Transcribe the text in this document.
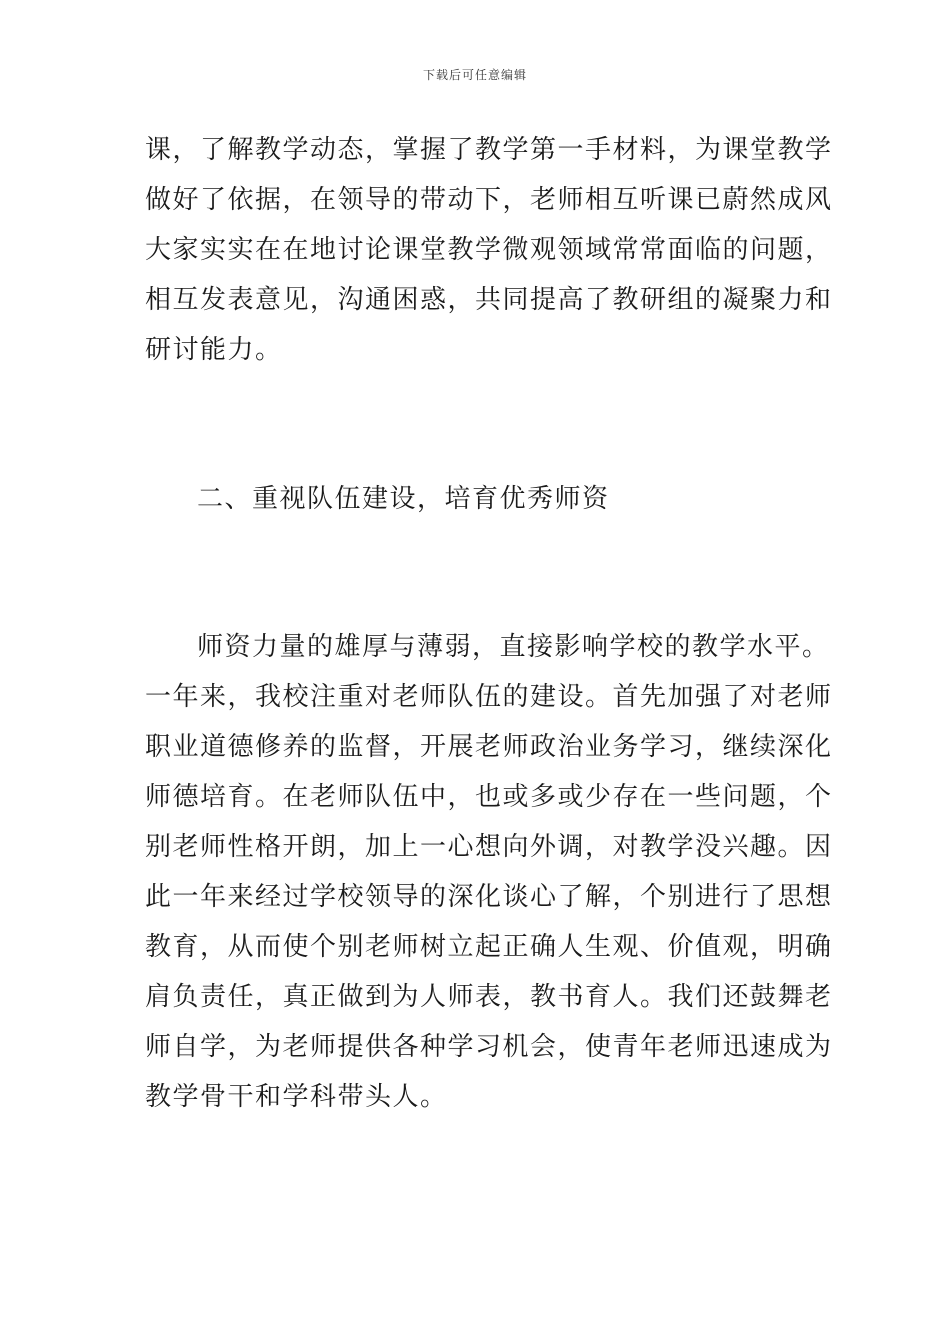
下载后可任意编辑
课，了解教学动态，掌握了教学第一手材料，为课堂教学
做好了依据，在领导的带动下，老师相互听课已蔚然成风
大家实实在在地讨论课堂教学微观领域常常面临的问题，
相互发表意见，沟通困惑，共同提高了教研组的凝聚力和
研讨能力。
二、重视队伍建设，培育优秀师资
师资力量的雄厚与薄弱，直接影响学校的教学水平。
一年来，我校注重对老师队伍的建设。首先加强了对老师
职业道德修养的监督，开展老师政治业务学习，继续深化
师德培育。在老师队伍中，也或多或少存在一些问题，个
别老师性格开朗，加上一心想向外调，对教学没兴趣。因
此一年来经过学校领导的深化谈心了解，个别进行了思想
教育，从而使个别老师树立起正确人生观、价值观，明确
肩负责任，真正做到为人师表，教书育人。我们还鼓舞老
师自学，为老师提供各种学习机会，使青年老师迅速成为
教学骨干和学科带头人。
